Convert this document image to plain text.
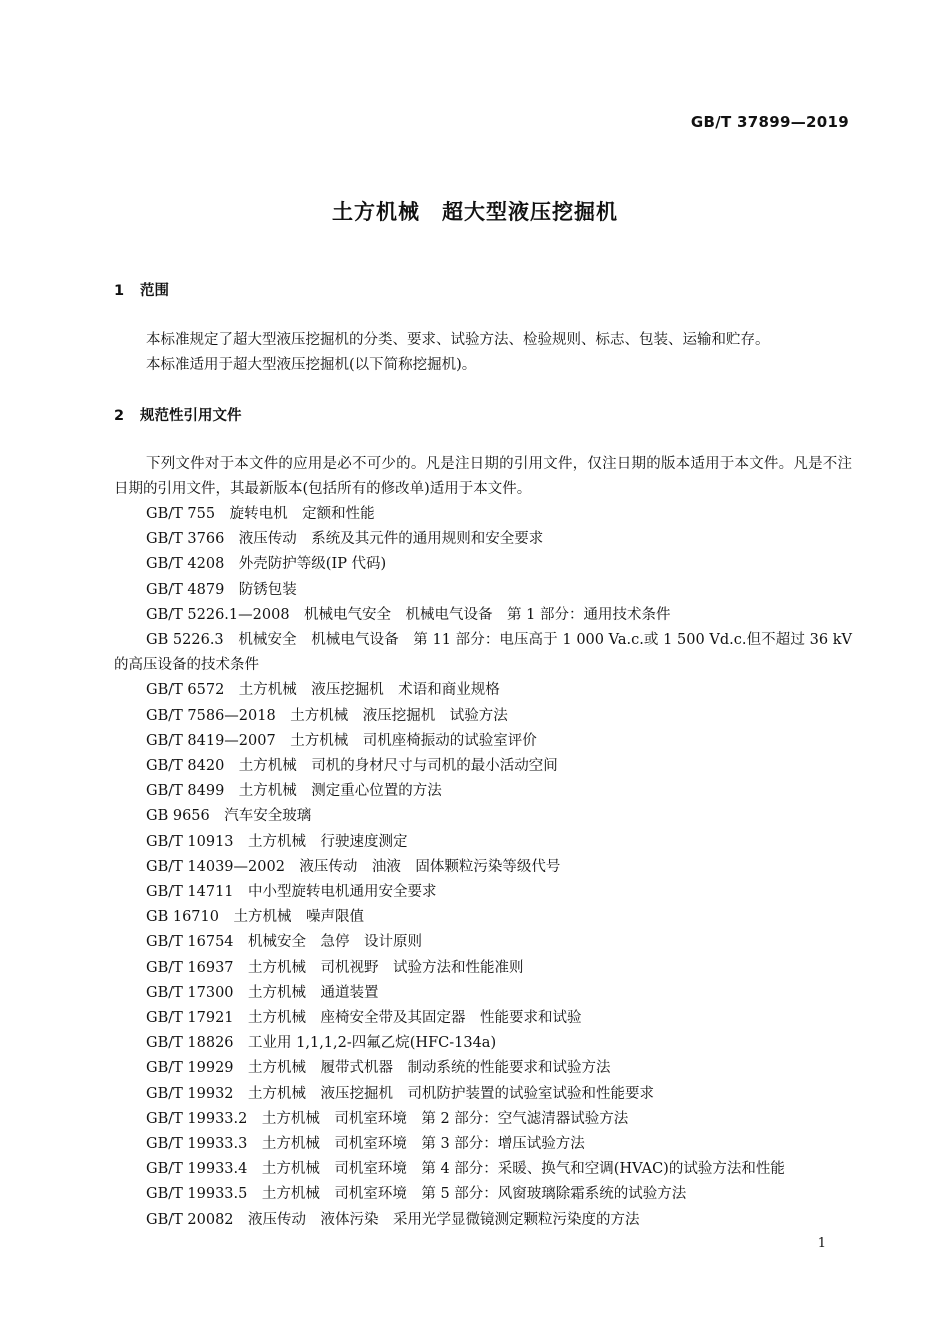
GB/T 37899—2019
土方机械　超大型液压挖掘机
1 范围
本标准规定了超大型液压挖掘机的分类、要求、试验方法、检验规则、标志、包装、运输和贮存。
本标准适用于超大型液压挖掘机(以下简称挖掘机)。
2 规范性引用文件
下列文件对于本文件的应用是必不可少的。凡是注日期的引用文件，仅注日期的版本适用于本文件。凡是不注日期的引用文件，其最新版本(包括所有的修改单)适用于本文件。
GB/T 755　旋转电机　定额和性能
GB/T 3766　液压传动　系统及其元件的通用规则和安全要求
GB/T 4208　外壳防护等级(IP 代码)
GB/T 4879　防锈包装
GB/T 5226.1—2008　机械电气安全　机械电气设备　第 1 部分：通用技术条件
GB 5226.3　机械安全　机械电气设备　第 11 部分：电压高于 1 000 Va.c.或 1 500 Vd.c.但不超过 36 kV 的高压设备的技术条件
GB/T 6572　土方机械　液压挖掘机　术语和商业规格
GB/T 7586—2018　土方机械　液压挖掘机　试验方法
GB/T 8419—2007　土方机械　司机座椅振动的试验室评价
GB/T 8420　土方机械　司机的身材尺寸与司机的最小活动空间
GB/T 8499　土方机械　测定重心位置的方法
GB 9656　汽车安全玻璃
GB/T 10913　土方机械　行驶速度测定
GB/T 14039—2002　液压传动　油液　固体颗粒污染等级代号
GB/T 14711　中小型旋转电机通用安全要求
GB 16710　土方机械　噪声限值
GB/T 16754　机械安全　急停　设计原则
GB/T 16937　土方机械　司机视野　试验方法和性能准则
GB/T 17300　土方机械　通道装置
GB/T 17921　土方机械　座椅安全带及其固定器　性能要求和试验
GB/T 18826　工业用 1,1,1,2-四氟乙烷(HFC-134a)
GB/T 19929　土方机械　履带式机器　制动系统的性能要求和试验方法
GB/T 19932　土方机械　液压挖掘机　司机防护装置的试验室试验和性能要求
GB/T 19933.2　土方机械　司机室环境　第 2 部分：空气滤清器试验方法
GB/T 19933.3　土方机械　司机室环境　第 3 部分：增压试验方法
GB/T 19933.4　土方机械　司机室环境　第 4 部分：采暖、换气和空调(HVAC)的试验方法和性能
GB/T 19933.5　土方机械　司机室环境　第 5 部分：风窗玻璃除霜系统的试验方法
GB/T 20082　液压传动　液体污染　采用光学显微镜测定颗粒污染度的方法
1
